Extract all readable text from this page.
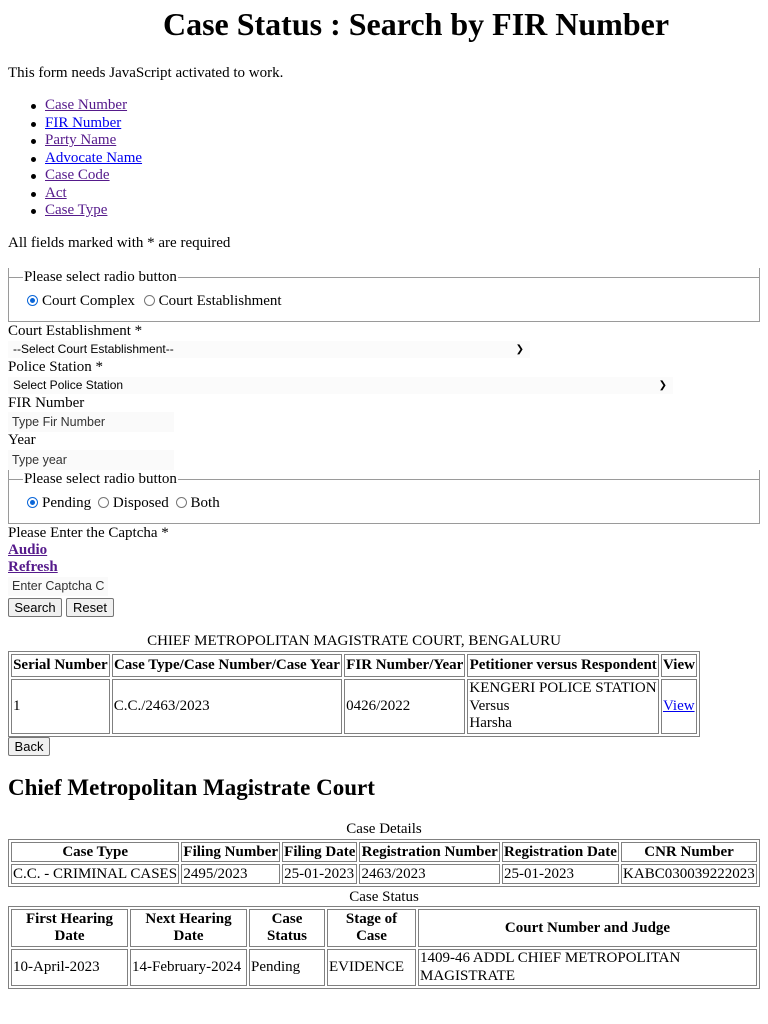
Case Status : Search by FIR Number
This form needs JavaScript activated to work.
Case Number
FIR Number
Party Name
Advocate Name
Case Code
Act
Case Type
All fields marked with * are required
Please select radio button
Court Complex Court Establishment
Court Establishment *
--Select Court Establishment--	❯
Police Station *
Select Police Station	❯
FIR Number
Type Fir Number
Year
Type year
Please select radio button
Pending Disposed Both
Please Enter the Captcha *
Audio
Refresh
Enter Captcha C
Search	Reset
CHIEF METROPOLITAN MAGISTRATE COURT, BENGALURU
Serial Number	Case Type/Case Number/Case Year	FIR Number/Year	Petitioner versus Respondent	View
1	C.C./2463/2023	0426/2022	KENGERI POLICE STATION
Versus
Harsha	View
Back
Chief Metropolitan Magistrate Court
Case Details
Case Type	Filing Number	Filing Date	Registration Number	Registration Date	CNR Number
C.C. - CRIMINAL CASES	2495/2023	25-01-2023	2463/2023	25-01-2023	KABC030039222023
Case Status
First Hearing Date	Next Hearing Date	Case Status	Stage of Case	Court Number and Judge
10-April-2023	14-February-2024	Pending	EVIDENCE	1409-46 ADDL CHIEF METROPOLITAN MAGISTRATE
